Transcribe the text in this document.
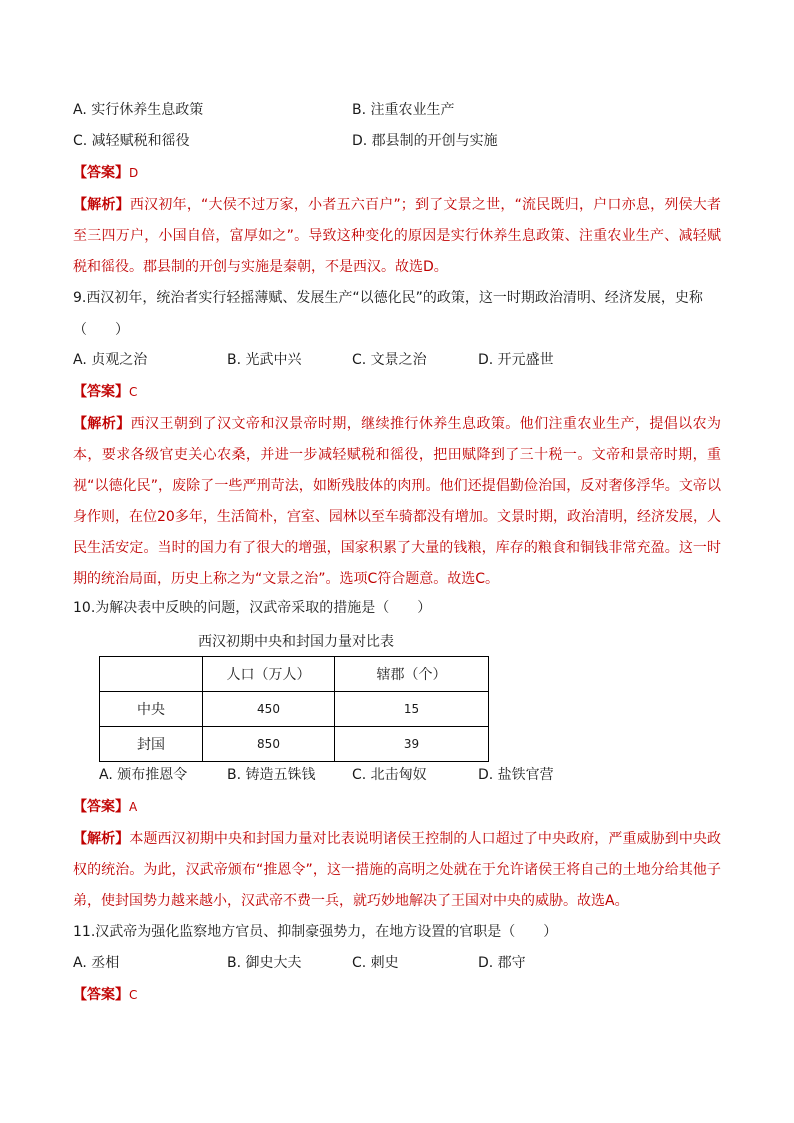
A. 实行休养生息政策	B. 注重农业生产
C. 减轻赋税和徭役	D. 郡县制的开创与实施
【答案】D
【解析】西汉初年，“大侯不过万家，小者五六百户”；到了文景之世，“流民既归，户口亦息，列侯大者至三四万户，小国自倍，富厚如之”。导致这种变化的原因是实行休养生息政策、注重农业生产、减轻赋税和徭役。郡县制的开创与实施是秦朝，不是西汉。故选D。
9.西汉初年，统治者实行轻摇薄赋、发展生产“以德化民”的政策，这一时期政治清明、经济发展，史称
（　　）
A. 贞观之治	B. 光武中兴	C. 文景之治	D. 开元盛世
【答案】C
【解析】西汉王朝到了汉文帝和汉景帝时期，继续推行休养生息政策。他们注重农业生产，提倡以农为本，要求各级官吏关心农桑，并进一步减轻赋税和徭役，把田赋降到了三十税一。文帝和景帝时期，重视“以德化民”，废除了一些严刑苛法，如断残肢体的肉刑。他们还提倡勤俭治国，反对奢侈浮华。文帝以身作则，在位20多年，生活简朴，宫室、园林以至车骑都没有增加。文景时期，政治清明，经济发展，人民生活安定。当时的国力有了很大的增强，国家积累了大量的钱粮，库存的粮食和铜钱非常充盈。这一时期的统治局面，历史上称之为“文景之治”。选项C符合题意。故选C。
10.为解决表中反映的问题，汉武帝采取的措施是（　　）
西汉初期中央和封国力量对比表
	人口（万人）	辖郡（个）
中央	450	15
封国	850	39
A. 颁布推恩令	B. 铸造五铢钱	C. 北击匈奴	D. 盐铁官营
【答案】A
【解析】本题西汉初期中央和封国力量对比表说明诸侯王控制的人口超过了中央政府，严重威胁到中央政权的统治。为此，汉武帝颁布“推恩令”，这一措施的高明之处就在于允许诸侯王将自己的土地分给其他子弟，使封国势力越来越小，汉武帝不费一兵，就巧妙地解决了王国对中央的威胁。故选A。
11.汉武帝为强化监察地方官员、抑制豪强势力，在地方设置的官职是（　　）
A. 丞相	B. 御史大夫	C. 刺史	D. 郡守
【答案】C
